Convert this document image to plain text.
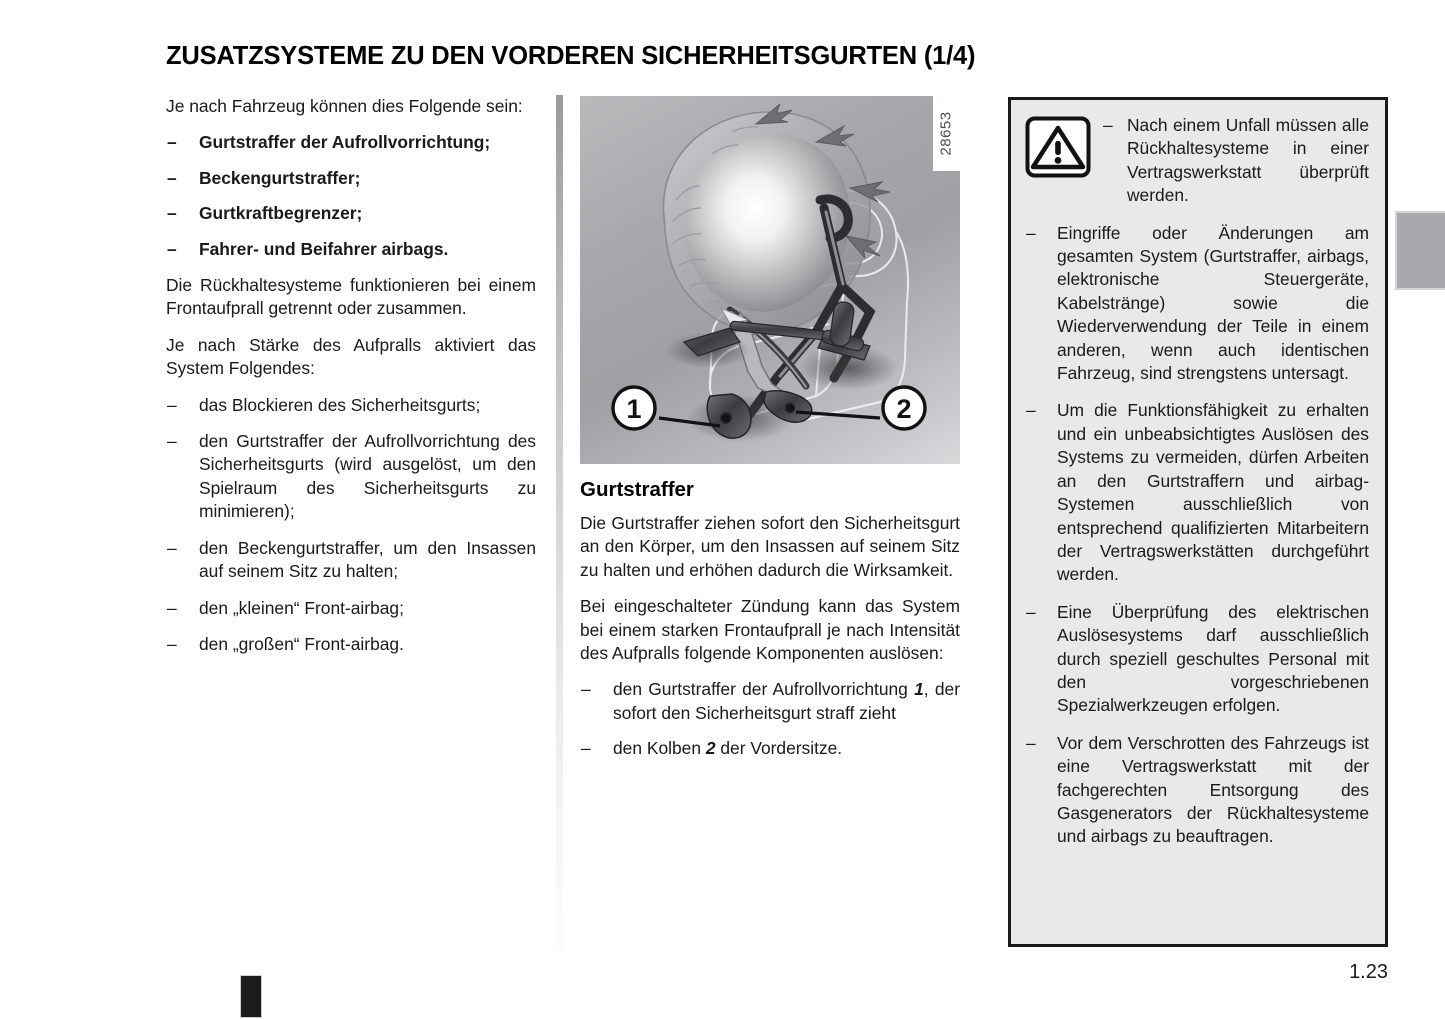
ZUSATZSYSTEME ZU DEN VORDEREN SICHERHEITSGURTEN (1/4)

Je nach Fahrzeug können dies Folgende sein:

– Gurtstraffer der Aufrollvorrichtung;
– Beckengurtstraffer;
– Gurtkraftbegrenzer;
– Fahrer- und Beifahrer airbags.

Die Rückhaltesysteme funktionieren bei einem Frontaufprall getrennt oder zusammen.

Je nach Stärke des Aufpralls aktiviert das System Folgendes:

– das Blockieren des Sicherheitsgurts;
– den Gurtstraffer der Aufrollvorrichtung des Sicherheitsgurts (wird ausgelöst, um den Spielraum des Sicherheitsgurts zu minimieren);
– den Beckengurtstraffer, um den Insassen auf seinem Sitz zu halten;
– den „kleinen“ Front-airbag;
– den „großen“ Front-airbag.
1	2
28653
Gurtstraffer

Die Gurtstraffer ziehen sofort den Sicherheitsgurt an den Körper, um den Insassen auf seinem Sitz zu halten und erhöhen dadurch die Wirksamkeit.

Bei eingeschalteter Zündung kann das System bei einem starken Frontaufprall je nach Intensität des Aufpralls folgende Komponenten auslösen:

– den Gurtstraffer der Aufrollvorrichtung 1, der sofort den Sicherheitsgurt straff zieht
– den Kolben 2 der Vordersitze.
– Nach einem Unfall müssen alle Rückhaltesysteme in einer Vertragswerkstatt überprüft werden.
– Eingriffe oder Änderungen am gesamten System (Gurtstraffer, airbags, elektronische Steuergeräte, Kabelstränge) sowie die Wiederverwendung der Teile in einem anderen, wenn auch identischen Fahrzeug, sind strengstens untersagt.
– Um die Funktionsfähigkeit zu erhalten und ein unbeabsichtigtes Auslösen des Systems zu vermeiden, dürfen Arbeiten an den Gurtstraffern und airbag-Systemen ausschließlich von entsprechend qualifizierten Mitarbeitern der Vertragswerkstätten durchgeführt werden.
– Eine Überprüfung des elektrischen Auslösesystems darf ausschließlich durch speziell geschultes Personal mit den vorgeschriebenen Spezialwerkzeugen erfolgen.
– Vor dem Verschrotten des Fahrzeugs ist eine Vertragswerkstatt mit der fachgerechten Entsorgung des Gasgenerators der Rückhaltesysteme und airbags zu beauftragen.
1.23
